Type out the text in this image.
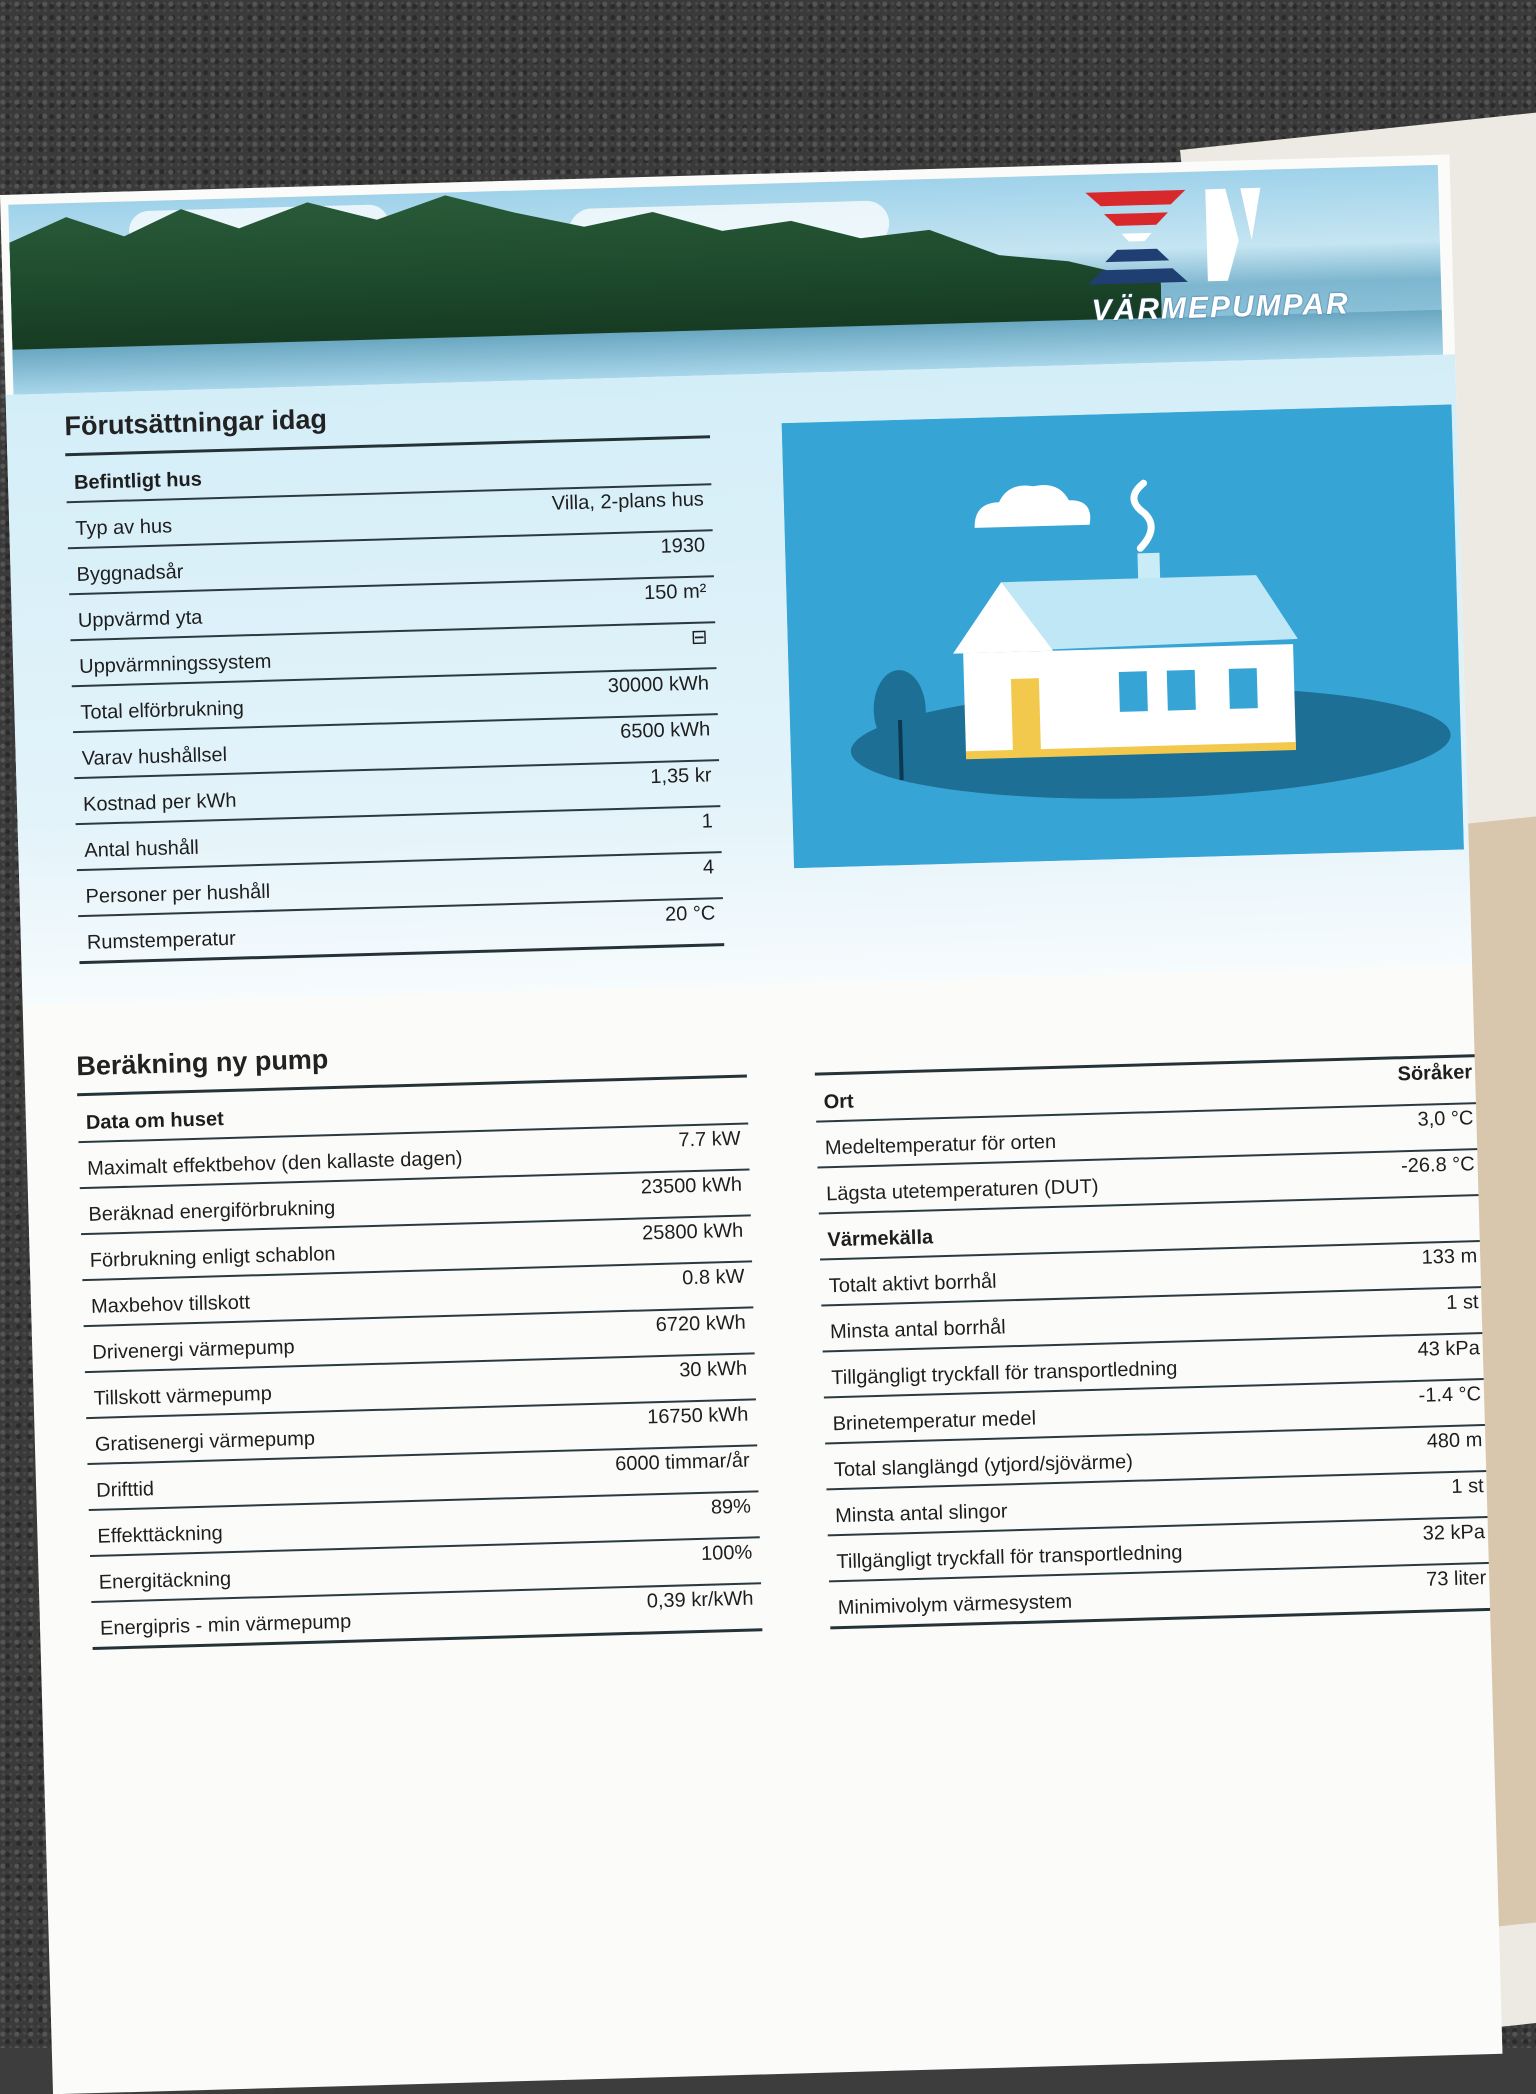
VÄRMEPUMPAR
Förutsättningar idag
Befintligt hus
Typ av hus
Villa, 2-plans hus
Byggnadsår
1930
Uppvärmd yta
150 m²
Uppvärmningssystem
⊟
Total elförbrukning
30000 kWh
Varav hushållsel
6500 kWh
Kostnad per kWh
1,35 kr
Antal hushåll
1
Personer per hushåll
4
Rumstemperatur
20 °C
Beräkning ny pump
Data om huset
Maximalt effektbehov (den kallaste dagen)
7.7 kW
Beräknad energiförbrukning
23500 kWh
Förbrukning enligt schablon
25800 kWh
Maxbehov tillskott
0.8 kW
Drivenergi värmepump
6720 kWh
Tillskott värmepump
30 kWh
Gratisenergi värmepump
16750 kWh
Drifttid
6000 timmar/år
Effekttäckning
89%
Energitäckning
100%
Energipris - min värmepump
0,39 kr/kWh
Ort
Söråker
Medeltemperatur för orten
3,0 °C
Lägsta utetemperaturen (DUT)
-26.8 °C
Värmekälla
Totalt aktivt borrhål
133 m
Minsta antal borrhål
1 st
Tillgängligt tryckfall för transportledning
43 kPa
Brinetemperatur medel
-1.4 °C
Total slanglängd (ytjord/sjövärme)
480 m
Minsta antal slingor
1 st
Tillgängligt tryckfall för transportledning
32 kPa
Minimivolym värmesystem
73 liter
